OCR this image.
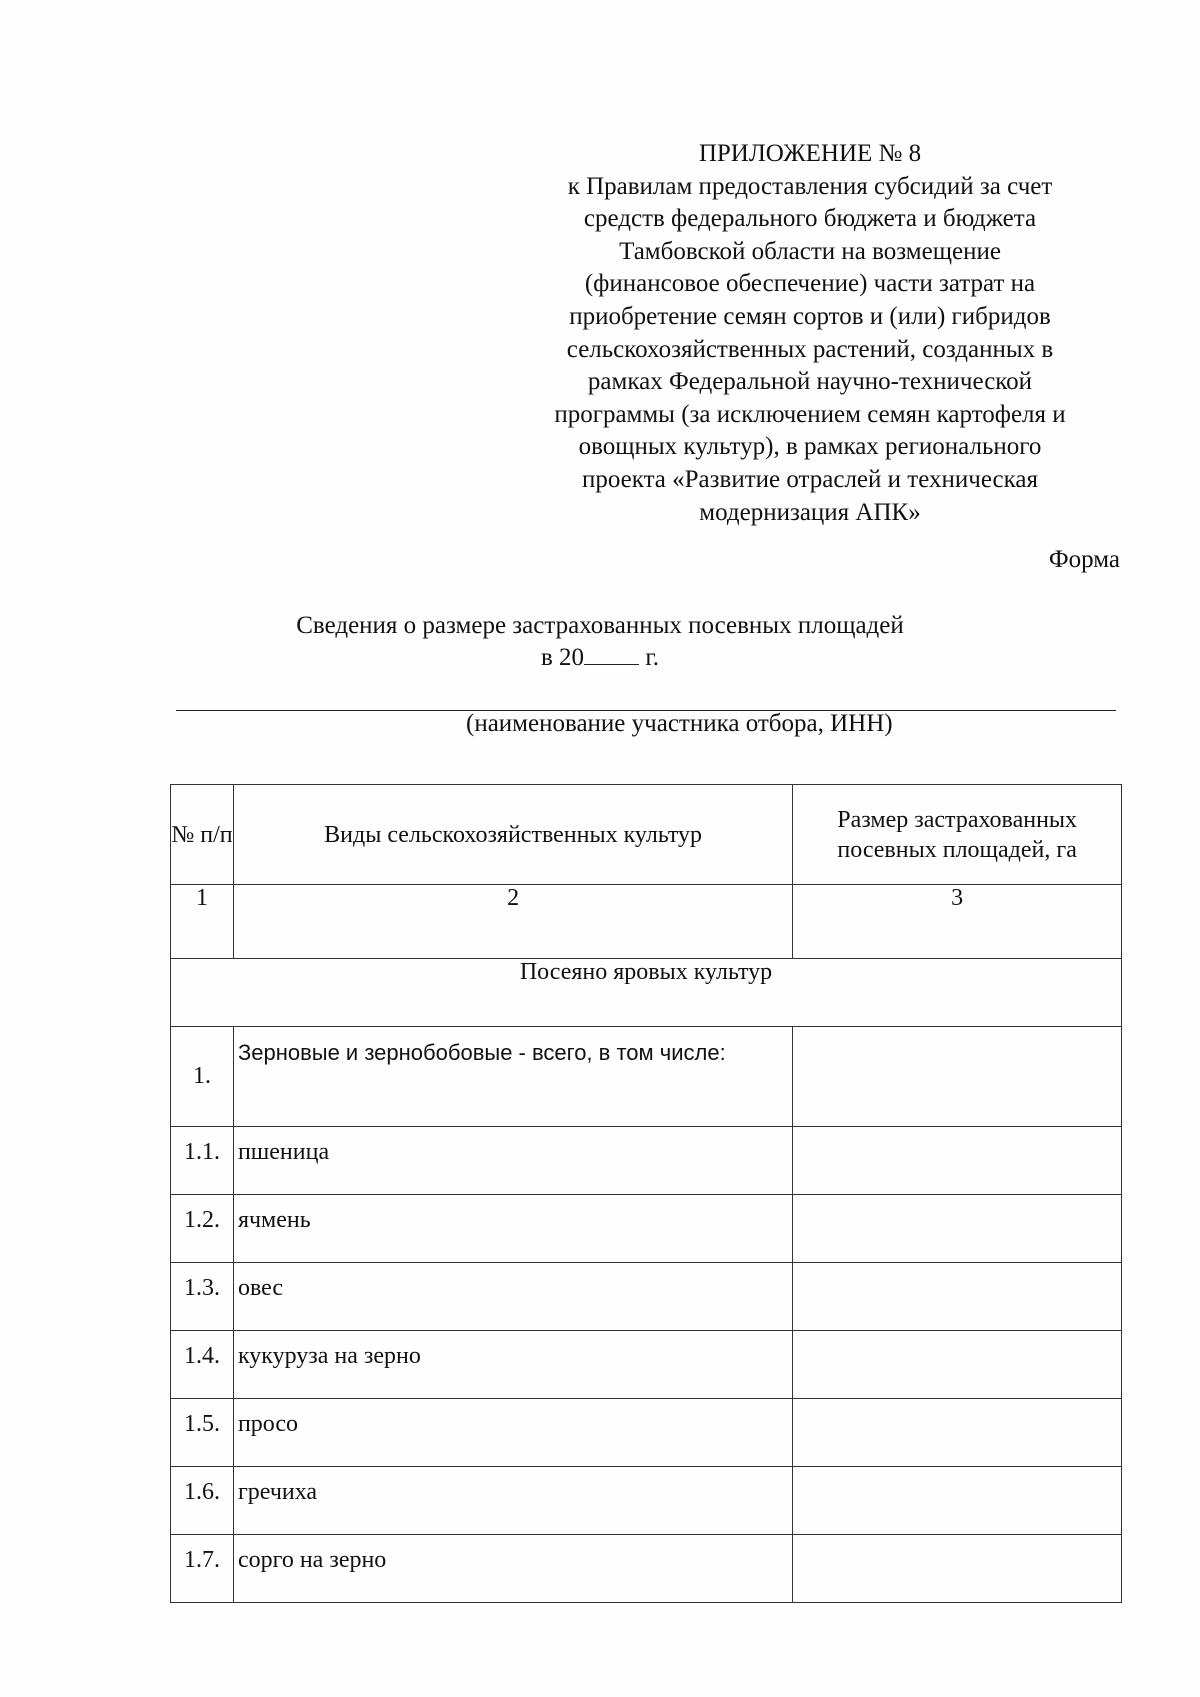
ПРИЛОЖЕНИЕ № 8
к Правилам предоставления субсидий за счет
средств федерального бюджета и бюджета
Тамбовской области на возмещение
(финансовое обеспечение) части затрат на
приобретение семян сортов и (или) гибридов
сельскохозяйственных растений, созданных в
рамках Федеральной научно-технической
программы (за исключением семян картофеля и
овощных культур), в рамках регионального
проекта «Развитие отраслей и техническая
модернизация АПК»
Форма
Сведения о размере застрахованных посевных площадей
в 20 г.
(наименование участника отбора, ИНН)
№ п/п	Виды сельскохозяйственных культур	Размер застрахованных посевных площадей, га
1	2	3
Посеяно яровых культур		
1.	Зерновые и зернобобовые - всего, в том числе:	
1.1.	пшеница	
1.2.	ячмень	
1.3.	овес	
1.4.	кукуруза на зерно	
1.5.	просо	
1.6.	гречиха	
1.7.	сорго на зерно	
